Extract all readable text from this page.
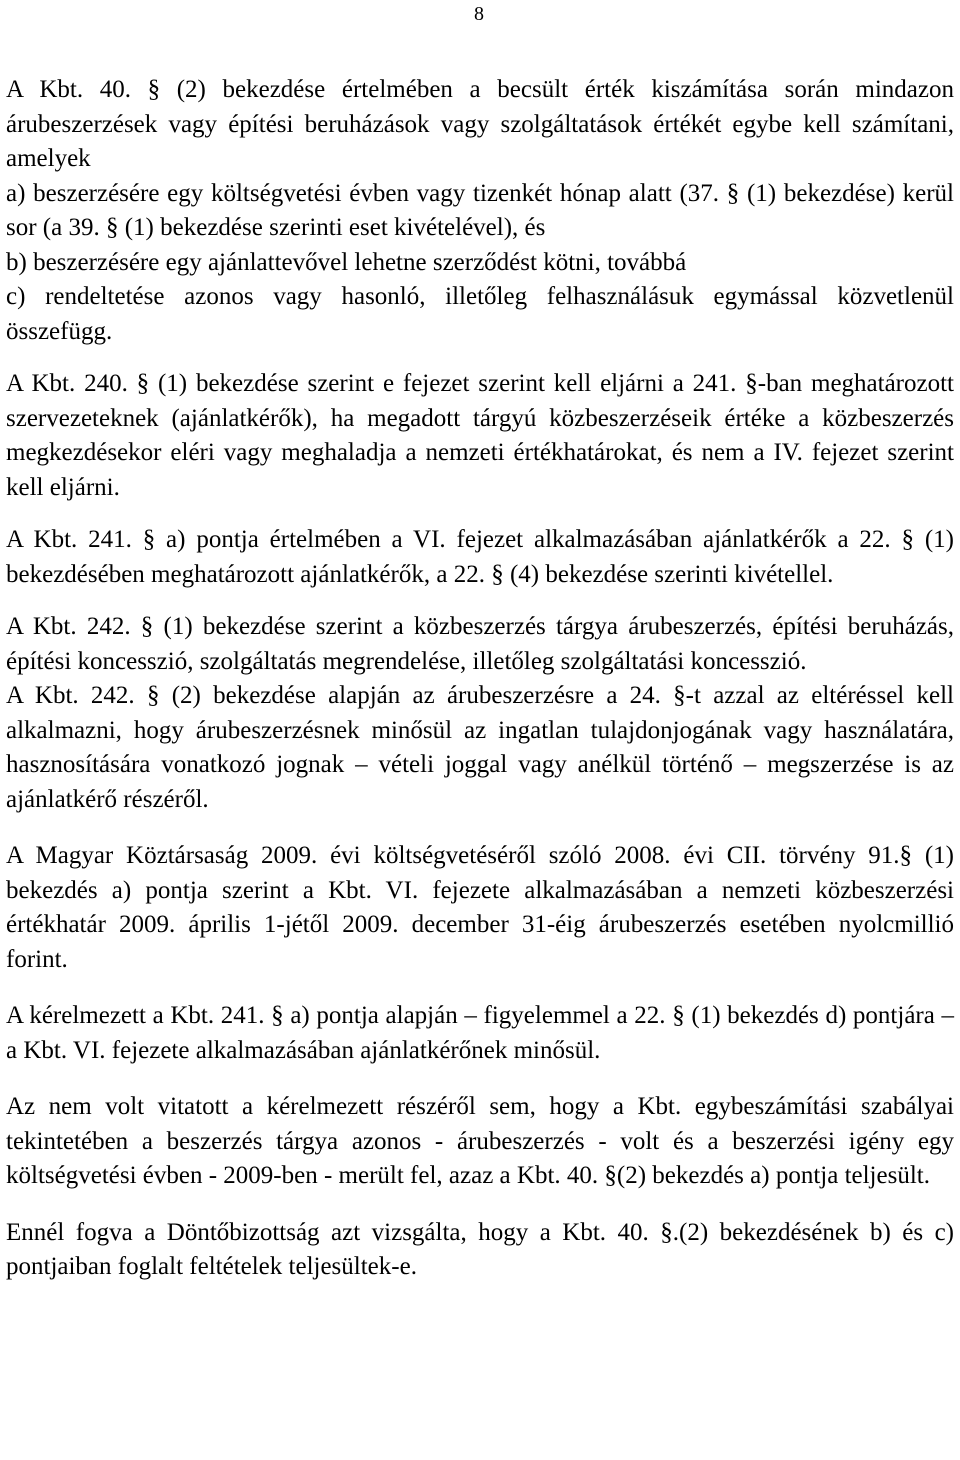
8

A Kbt. 40. § (2) bekezdése értelmében a becsült érték kiszámítása során mindazon árubeszerzések vagy építési beruházások vagy szolgáltatások értékét egybe kell számítani, amelyek

a) beszerzésére egy költségvetési évben vagy tizenkét hónap alatt (37. § (1) bekezdése) kerül sor (a 39. § (1) bekezdése szerinti eset kivételével), és

b) beszerzésére egy ajánlattevővel lehetne szerződést kötni, továbbá

c) rendeltetése azonos vagy hasonló, illetőleg felhasználásuk egymással közvetlenül összefügg.

A Kbt. 240. § (1) bekezdése szerint e fejezet szerint kell eljárni a 241. §-ban meghatározott szervezeteknek (ajánlatkérők), ha megadott tárgyú közbeszerzéseik értéke a közbeszerzés megkezdésekor eléri vagy meghaladja a nemzeti értékhatárokat, és nem a IV. fejezet szerint kell eljárni.

A Kbt. 241. § a) pontja értelmében a VI. fejezet alkalmazásában ajánlatkérők a 22. § (1) bekezdésében meghatározott ajánlatkérők, a 22. § (4) bekezdése szerinti kivétellel.

A Kbt. 242. § (1) bekezdése szerint a közbeszerzés tárgya árubeszerzés, építési beruházás, építési koncesszió, szolgáltatás megrendelése, illetőleg szolgáltatási koncesszió.

A Kbt. 242. § (2) bekezdése alapján az árubeszerzésre a 24. §-t azzal az eltéréssel kell alkalmazni, hogy árubeszerzésnek minősül az ingatlan tulajdonjogának vagy használatára, hasznosítására vonatkozó jognak – vételi joggal vagy anélkül történő – megszerzése is az ajánlatkérő részéről.

A Magyar Köztársaság 2009. évi költségvetéséről szóló 2008. évi CII. törvény 91.§ (1) bekezdés a) pontja szerint a Kbt. VI. fejezete alkalmazásában a nemzeti közbeszerzési értékhatár 2009. április 1-jétől 2009. december 31-éig árubeszerzés esetében nyolcmillió forint.

A kérelmezett a Kbt. 241. § a) pontja alapján – figyelemmel a 22. § (1) bekezdés d) pontjára – a Kbt. VI. fejezete alkalmazásában ajánlatkérőnek minősül.

Az nem volt vitatott a kérelmezett részéről sem, hogy a Kbt. egybeszámítási szabályai tekintetében a beszerzés tárgya azonos - árubeszerzés - volt és a beszerzési igény egy költségvetési évben - 2009-ben - merült fel, azaz a Kbt. 40. §(2) bekezdés a) pontja teljesült.

Ennél fogva a Döntőbizottság azt vizsgálta, hogy a Kbt. 40. §.(2) bekezdésének b) és c) pontjaiban foglalt feltételek teljesültek-e.
